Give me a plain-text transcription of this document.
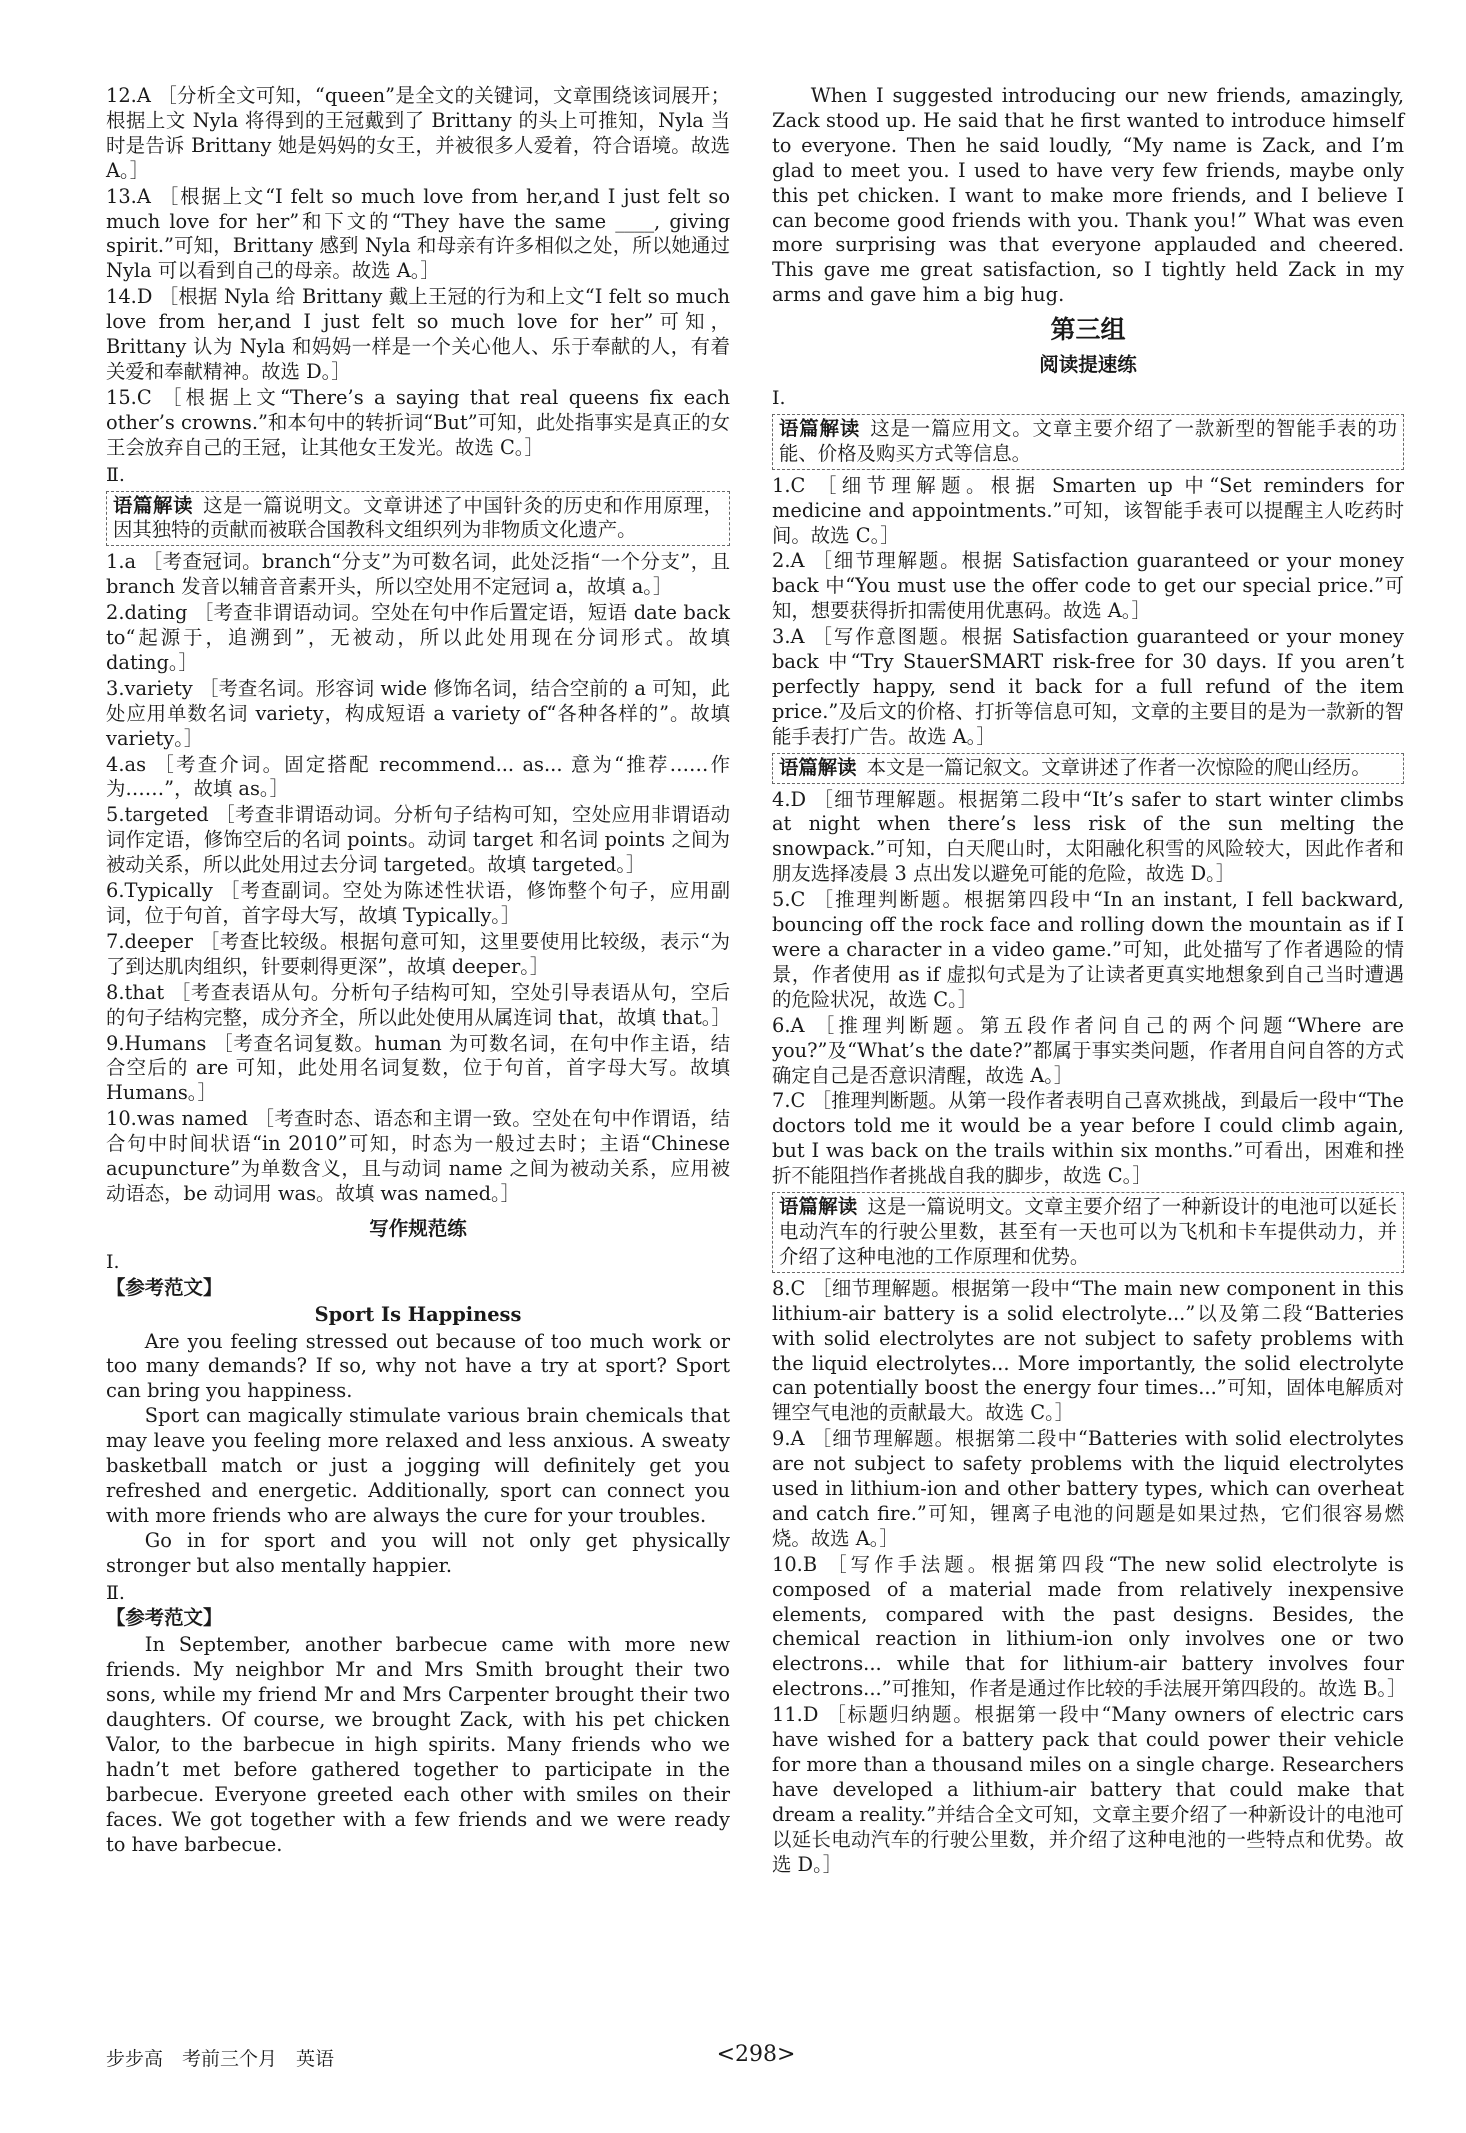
12.A ［分析全文可知，“queen”是全文的关键词，文章围绕该词展开；根据上文 Nyla 将得到的王冠戴到了 Brittany 的头上可推知，Nyla 当时是告诉 Brittany 她是妈妈的女王，并被很多人爱着，符合语境。故选 A。］
13.A ［根据上文“I felt so much love from her,and I just felt so much love for her”和下文的“They have the same ____, giving spirit.”可知，Brittany 感到 Nyla 和母亲有许多相似之处，所以她通过 Nyla 可以看到自己的母亲。故选 A。］
14.D ［根据 Nyla 给 Brittany 戴上王冠的行为和上文“I felt so much love from her,and I just felt so much love for her”可知，Brittany 认为 Nyla 和妈妈一样是一个关心他人、乐于奉献的人，有着关爱和奉献精神。故选 D。］
15.C ［根据上文“There’s a saying that real queens fix each other’s crowns.”和本句中的转折词“But”可知，此处指事实是真正的女王会放弃自己的王冠，让其他女王发光。故选 C。］
Ⅱ.
语篇解读 这是一篇说明文。文章讲述了中国针灸的历史和作用原理，因其独特的贡献而被联合国教科文组织列为非物质文化遗产。
1.a ［考查冠词。branch“分支”为可数名词，此处泛指“一个分支”，且 branch 发音以辅音音素开头，所以空处用不定冠词 a，故填 a。］
2.dating ［考查非谓语动词。空处在句中作后置定语，短语 date back to“起源于，追溯到”，无被动，所以此处用现在分词形式。故填 dating。］
3.variety ［考查名词。形容词 wide 修饰名词，结合空前的 a 可知，此处应用单数名词 variety，构成短语 a variety of“各种各样的”。故填 variety。］
4.as ［考查介词。固定搭配 recommend... as... 意为“推荐……作为……”，故填 as。］
5.targeted ［考查非谓语动词。分析句子结构可知，空处应用非谓语动词作定语，修饰空后的名词 points。动词 target 和名词 points 之间为被动关系，所以此处用过去分词 targeted。故填 targeted。］
6.Typically ［考查副词。空处为陈述性状语，修饰整个句子，应用副词，位于句首，首字母大写，故填 Typically。］
7.deeper ［考查比较级。根据句意可知，这里要使用比较级，表示“为了到达肌肉组织，针要刺得更深”，故填 deeper。］
8.that ［考查表语从句。分析句子结构可知，空处引导表语从句，空后的句子结构完整，成分齐全，所以此处使用从属连词 that，故填 that。］
9.Humans ［考查名词复数。human 为可数名词，在句中作主语，结合空后的 are 可知，此处用名词复数，位于句首，首字母大写。故填 Humans。］
10.was named ［考查时态、语态和主谓一致。空处在句中作谓语，结合句中时间状语“in 2010”可知，时态为一般过去时；主语“Chinese acupuncture”为单数含义，且与动词 name 之间为被动关系，应用被动语态，be 动词用 was。故填 was named。］
写作规范练
Ⅰ.
【参考范文】
Sport Is Happiness

Are you feeling stressed out because of too much work or too many demands? If so, why not have a try at sport? Sport can bring you happiness.

Sport can magically stimulate various brain chemicals that may leave you feeling more relaxed and less anxious. A sweaty basketball match or just a jogging will definitely get you refreshed and energetic. Additionally, sport can connect you with more friends who are always the cure for your troubles.

Go in for sport and you will not only get physically stronger but also mentally happier.

Ⅱ.
【参考范文】

In September, another barbecue came with more new friends. My neighbor Mr and Mrs Smith brought their two sons, while my friend Mr and Mrs Carpenter brought their two daughters. Of course, we brought Zack, with his pet chicken Valor, to the barbecue in high spirits. Many friends who we hadn’t met before gathered together to participate in the barbecue. Everyone greeted each other with smiles on their faces. We got together with a few friends and we were ready to have barbecue.

When I suggested introducing our new friends, amazingly, Zack stood up. He said that he first wanted to introduce himself to everyone. Then he said loudly, “My name is Zack, and I’m glad to meet you. I used to have very few friends, maybe only this pet chicken. I want to make more friends, and I believe I can become good friends with you. Thank you!” What was even more surprising was that everyone applauded and cheered. This gave me great satisfaction, so I tightly held Zack in my arms and gave him a big hug.

第三组
阅读提速练
Ⅰ.
语篇解读 这是一篇应用文。文章主要介绍了一款新型的智能手表的功能、价格及购买方式等信息。
1.C ［细节理解题。根据 Smarten up 中“Set reminders for medicine and appointments.”可知，该智能手表可以提醒主人吃药时间。故选 C。］
2.A ［细节理解题。根据 Satisfaction guaranteed or your money back 中“You must use the offer code to get our special price.”可知，想要获得折扣需使用优惠码。故选 A。］
3.A ［写作意图题。根据 Satisfaction guaranteed or your money back 中“Try StauerSMART risk-free for 30 days. If you aren’t perfectly happy, send it back for a full refund of the item price.”及后文的价格、打折等信息可知，文章的主要目的是为一款新的智能手表打广告。故选 A。］
语篇解读 本文是一篇记叙文。文章讲述了作者一次惊险的爬山经历。
4.D ［细节理解题。根据第二段中“It’s safer to start winter climbs at night when there’s less risk of the sun melting the snowpack.”可知，白天爬山时，太阳融化积雪的风险较大，因此作者和朋友选择凌晨 3 点出发以避免可能的危险，故选 D。］
5.C ［推理判断题。根据第四段中“In an instant, I fell backward, bouncing off the rock face and rolling down the mountain as if I were a character in a video game.”可知，此处描写了作者遇险的情景，作者使用 as if 虚拟句式是为了让读者更真实地想象到自己当时遭遇的危险状况，故选 C。］
6.A ［推理判断题。第五段作者问自己的两个问题“Where are you?”及“What’s the date?”都属于事实类问题，作者用自问自答的方式确定自己是否意识清醒，故选 A。］
7.C ［推理判断题。从第一段作者表明自己喜欢挑战，到最后一段中“The doctors told me it would be a year before I could climb again, but I was back on the trails within six months.”可看出，困难和挫折不能阻挡作者挑战自我的脚步，故选 C。］
语篇解读 这是一篇说明文。文章主要介绍了一种新设计的电池可以延长电动汽车的行驶公里数，甚至有一天也可以为飞机和卡车提供动力，并介绍了这种电池的工作原理和优势。
8.C ［细节理解题。根据第一段中“The main new component in this lithium-air battery is a solid electrolyte...”以及第二段“Batteries with solid electrolytes are not subject to safety problems with the liquid electrolytes... More importantly, the solid electrolyte can potentially boost the energy four times...”可知，固体电解质对锂空气电池的贡献最大。故选 C。］
9.A ［细节理解题。根据第二段中“Batteries with solid electrolytes are not subject to safety problems with the liquid electrolytes used in lithium-ion and other battery types, which can overheat and catch fire.”可知，锂离子电池的问题是如果过热，它们很容易燃烧。故选 A。］
10.B ［写作手法题。根据第四段“The new solid electrolyte is composed of a material made from relatively inexpensive elements, compared with the past designs. Besides, the chemical reaction in lithium-ion only involves one or two electrons... while that for lithium-air battery involves four electrons...”可推知，作者是通过作比较的手法展开第四段的。故选 B。］
11.D ［标题归纳题。根据第一段中“Many owners of electric cars have wished for a battery pack that could power their vehicle for more than a thousand miles on a single charge. Researchers have developed a lithium-air battery that could make that dream a reality.”并结合全文可知，文章主要介绍了一种新设计的电池可以延长电动汽车的行驶公里数，并介绍了这种电池的一些特点和优势。故选 D。］
步步高　考前三个月　英语	<298>
